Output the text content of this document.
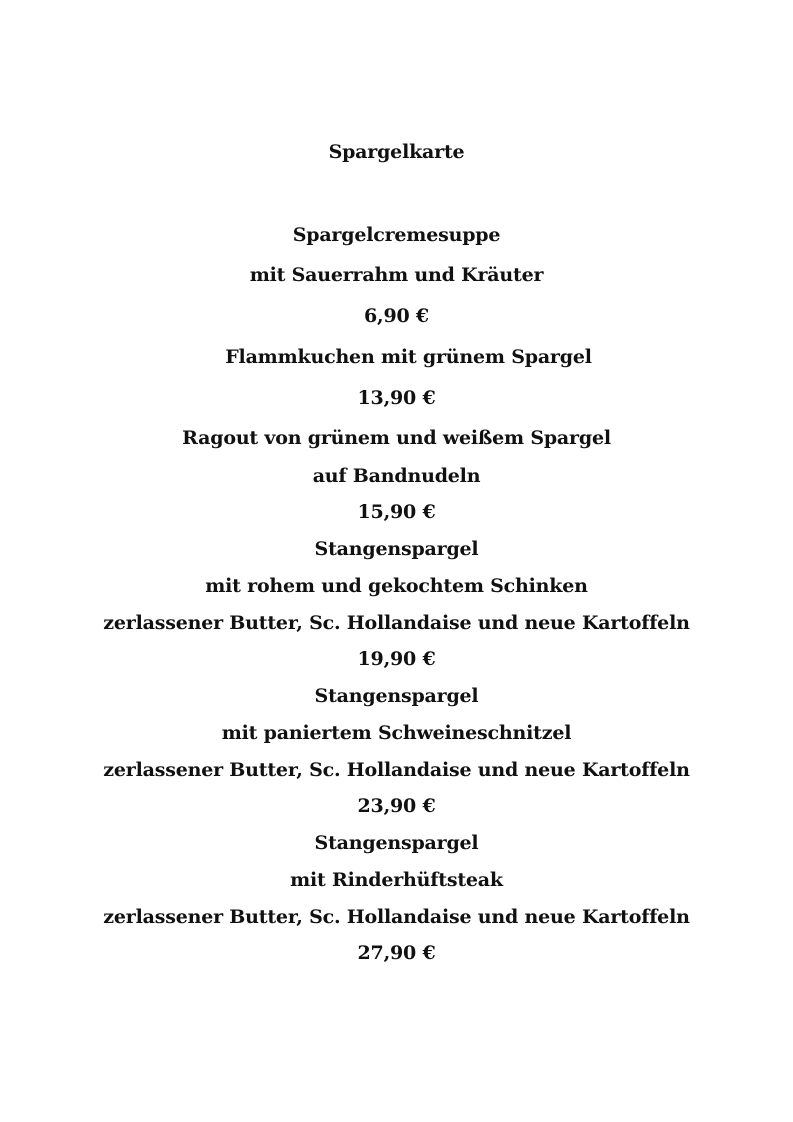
Spargelkarte
Spargelcremesuppe
mit Sauerrahm und Kräuter
6,90 €
Flammkuchen mit grünem Spargel
13,90 €
Ragout von grünem und weißem Spargel
auf Bandnudeln
15,90 €
Stangenspargel
mit rohem und gekochtem Schinken
zerlassener Butter, Sc. Hollandaise und neue Kartoffeln
19,90 €
Stangenspargel
mit paniertem Schweineschnitzel
zerlassener Butter, Sc. Hollandaise und neue Kartoffeln
23,90 €
Stangenspargel
mit Rinderhüftsteak
zerlassener Butter, Sc. Hollandaise und neue Kartoffeln
27,90 €
